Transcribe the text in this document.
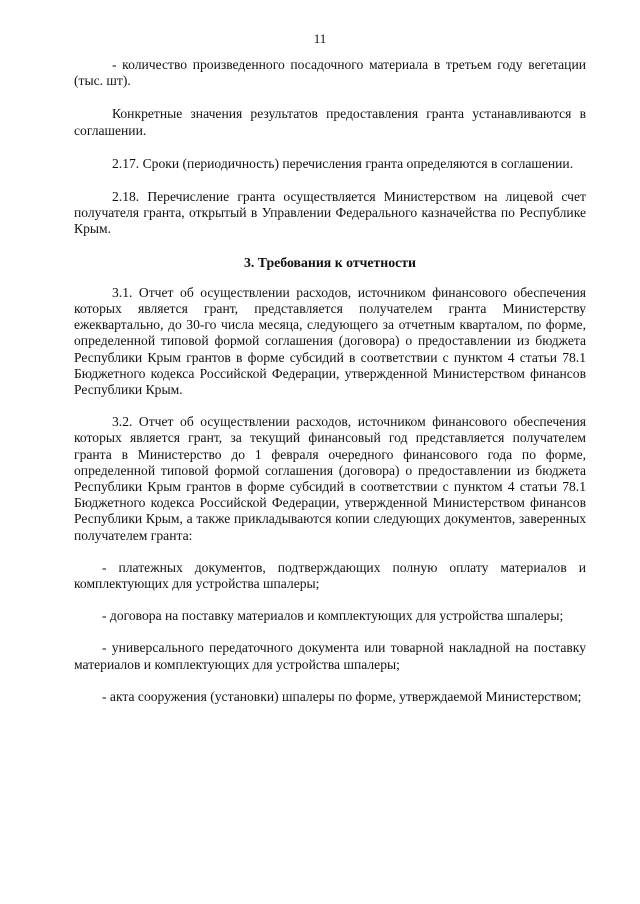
11

- количество произведенного посадочного материала в третьем году вегетации (тыс. шт).

Конкретные значения результатов предоставления гранта устанавливаются в соглашении.

2.17. Сроки (периодичность) перечисления гранта определяются в соглашении.

2.18. Перечисление гранта осуществляется Министерством на лицевой счет получателя гранта, открытый в Управлении Федерального казначейства по Республике Крым.

3. Требования к отчетности

3.1. Отчет об осуществлении расходов, источником финансового обеспечения которых является грант, представляется получателем гранта Министерству ежеквартально, до 30-го числа месяца, следующего за отчетным кварталом, по форме, определенной типовой формой соглашения (договора) о предоставлении из бюджета Республики Крым грантов в форме субсидий в соответствии с пунктом 4 статьи 78.1 Бюджетного кодекса Российской Федерации, утвержденной Министерством финансов Республики Крым.

3.2. Отчет об осуществлении расходов, источником финансового обеспечения которых является грант, за текущий финансовый год представляется получателем гранта в Министерство до 1 февраля очередного финансового года по форме, определенной типовой формой соглашения (договора) о предоставлении из бюджета Республики Крым грантов в форме субсидий в соответствии с пунктом 4 статьи 78.1 Бюджетного кодекса Российской Федерации, утвержденной Министерством финансов Республики Крым, а также прикладываются копии следующих документов, заверенных получателем гранта:

- платежных документов, подтверждающих полную оплату материалов и комплектующих для устройства шпалеры;

- договора на поставку материалов и комплектующих для устройства шпалеры;

- универсального передаточного документа или товарной накладной на поставку материалов и комплектующих для устройства шпалеры;

- акта сооружения (установки) шпалеры по форме, утверждаемой Министерством;
